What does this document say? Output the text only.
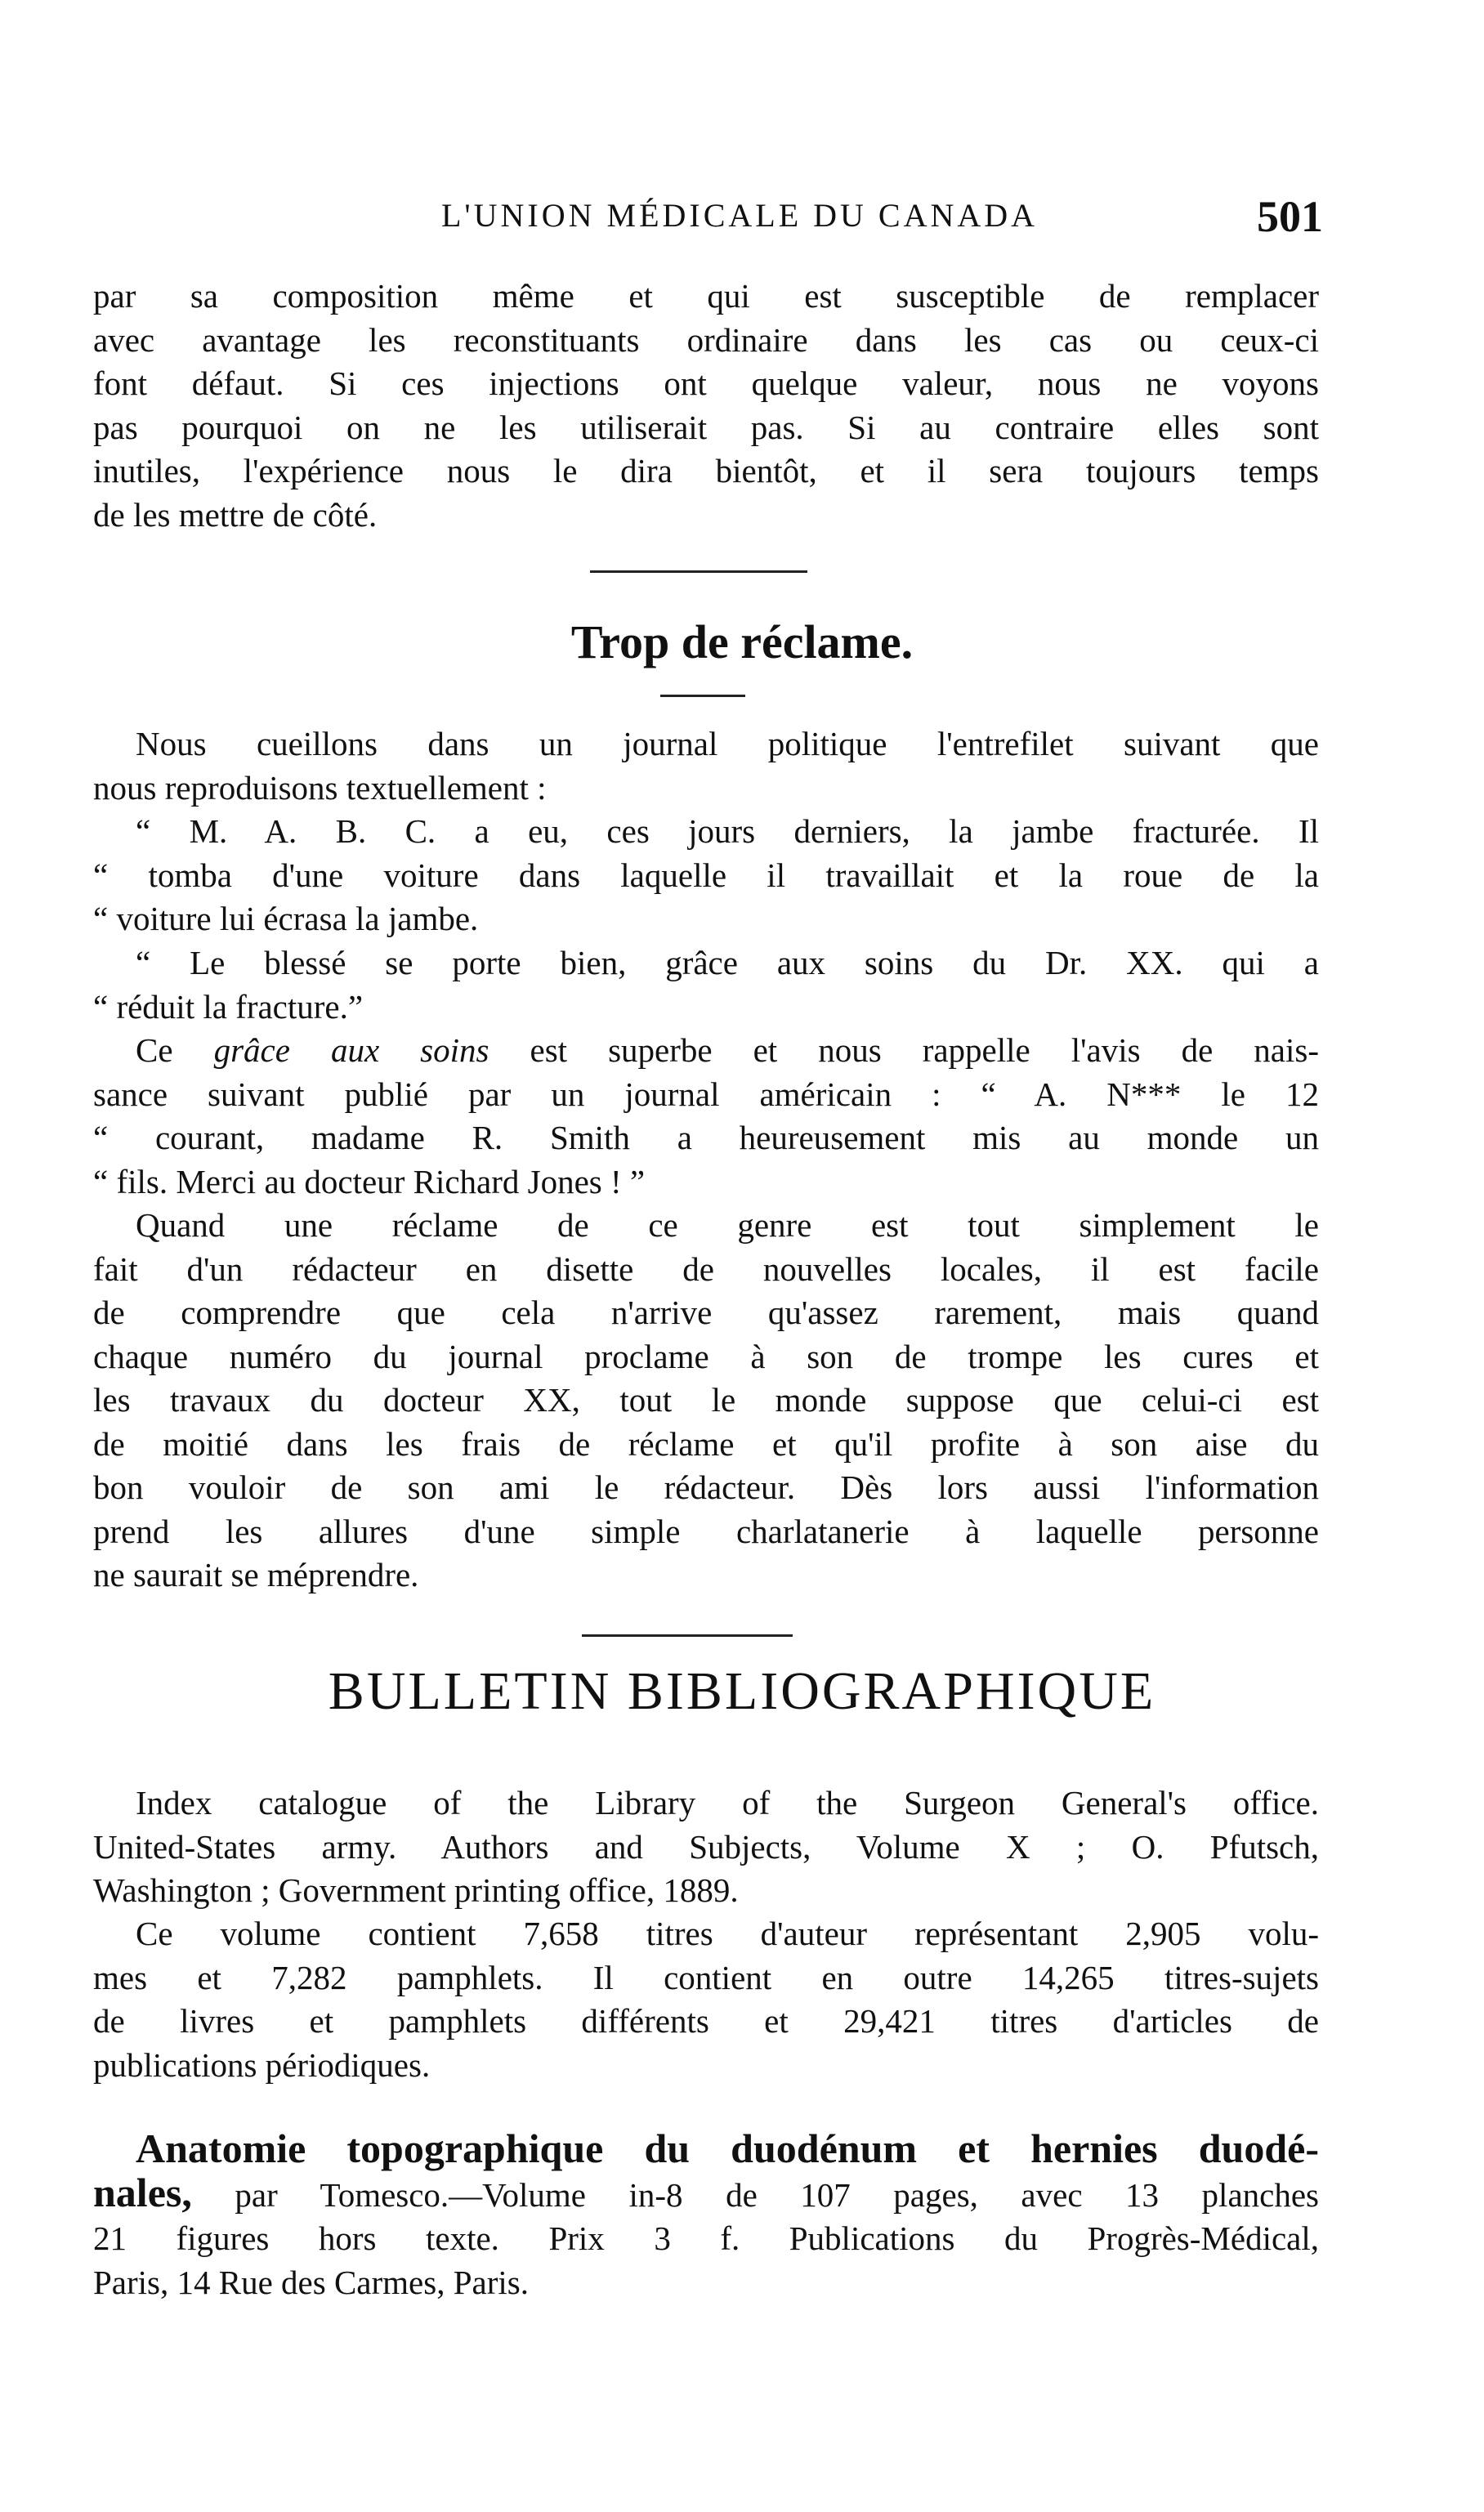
L'UNION MÉDICALE DU CANADA	501

par sa composition même et qui est susceptible de remplacer
avec avantage les reconstituants ordinaire dans les cas ou ceux-ci
font défaut. Si ces injections ont quelque valeur, nous ne voyons
pas pourquoi on ne les utiliserait pas. Si au contraire elles sont
inutiles, l'expérience nous le dira bientôt, et il sera toujours temps
de les mettre de côté.

Trop de réclame.

Nous cueillons dans un journal politique l'entrefilet suivant que
nous reproduisons textuellement :

“ M. A. B. C. a eu, ces jours derniers, la jambe fracturée. Il
“ tomba d'une voiture dans laquelle il travaillait et la roue de la
“ voiture lui écrasa la jambe.

“ Le blessé se porte bien, grâce aux soins du Dr. XX. qui a
“ réduit la fracture.”

Ce grâce aux soins est superbe et nous rappelle l'avis de nais-
sance suivant publié par un journal américain : “ A. N*** le 12
“ courant, madame R. Smith a heureusement mis au monde un
“ fils. Merci au docteur Richard Jones ! ”

Quand une réclame de ce genre est tout simplement le
fait d'un rédacteur en disette de nouvelles locales, il est facile
de comprendre que cela n'arrive qu'assez rarement, mais quand
chaque numéro du journal proclame à son de trompe les cures et
les travaux du docteur XX, tout le monde suppose que celui-ci est
de moitié dans les frais de réclame et qu'il profite à son aise du
bon vouloir de son ami le rédacteur. Dès lors aussi l'information
prend les allures d'une simple charlatanerie à laquelle personne
ne saurait se méprendre.

BULLETIN BIBLIOGRAPHIQUE

Index catalogue of the Library of the Surgeon General's office.
United-States army. Authors and Subjects, Volume X ; O. Pfutsch,
Washington ; Government printing office, 1889.

Ce volume contient 7,658 titres d'auteur représentant 2,905 volu-
mes et 7,282 pamphlets. Il contient en outre 14,265 titres-sujets
de livres et pamphlets différents et 29,421 titres d'articles de
publications périodiques.

Anatomie topographique du duodénum et hernies duodé-
nales, par Tomesco.—Volume in-8 de 107 pages, avec 13 planches
21 figures hors texte. Prix 3 f. Publications du Progrès-Médical,
Paris, 14 Rue des Carmes, Paris.
